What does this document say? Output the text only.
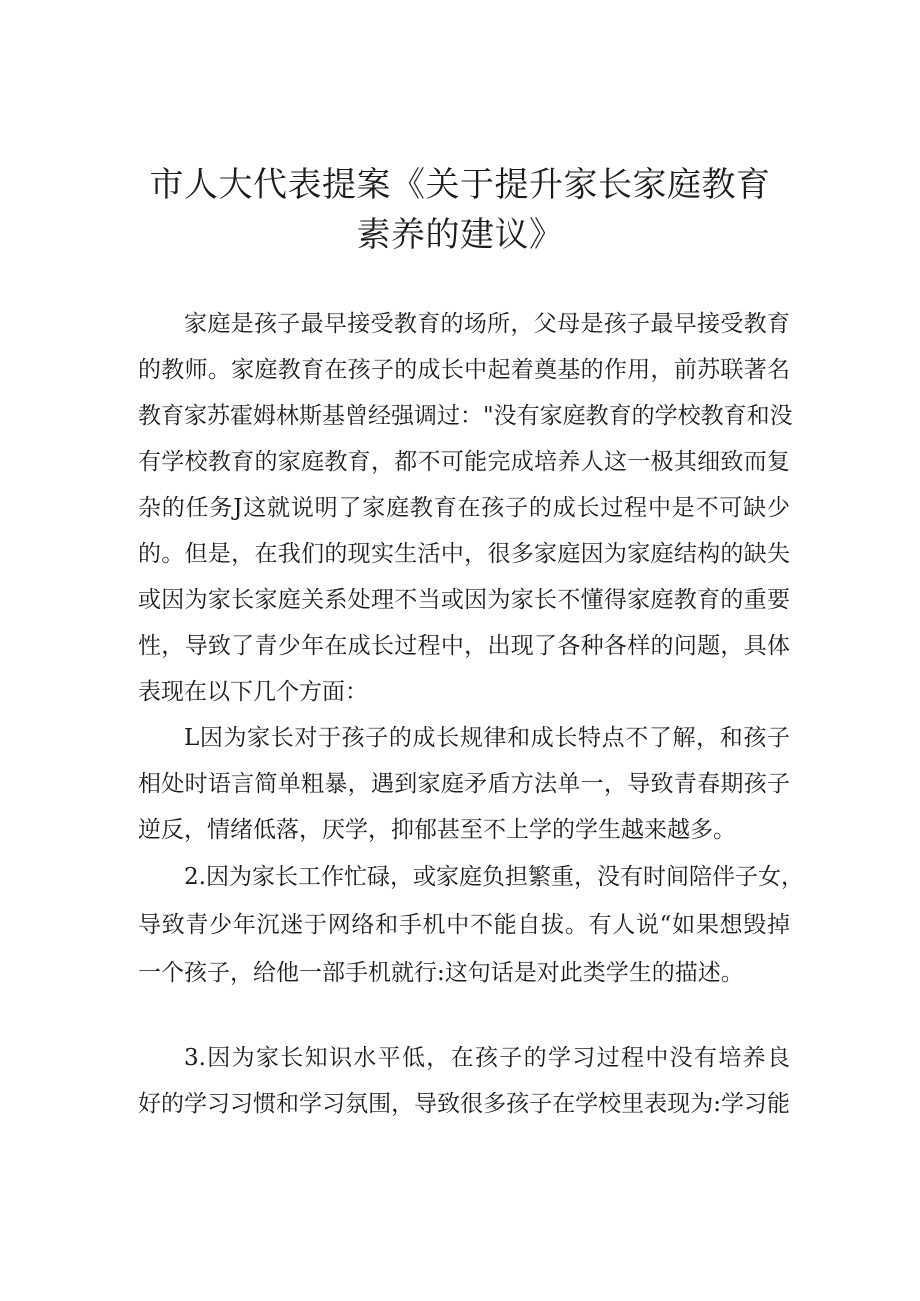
市人大代表提案《关于提升家长家庭教育
素养的建议》

家庭是孩子最早接受教育的场所，父母是孩子最早接受教育

的教师。家庭教育在孩子的成长中起着奠基的作用，前苏联著名

教育家苏霍姆林斯基曾经强调过："没有家庭教育的学校教育和没

有学校教育的家庭教育，都不可能完成培养人这一极其细致而复

杂的任务J这就说明了家庭教育在孩子的成长过程中是不可缺少

的。但是，在我们的现实生活中，很多家庭因为家庭结构的缺失

或因为家长家庭关系处理不当或因为家长不懂得家庭教育的重要

性，导致了青少年在成长过程中，出现了各种各样的问题，具体

表现在以下几个方面：

L因为家长对于孩子的成长规律和成长特点不了解，和孩子

相处时语言简单粗暴，遇到家庭矛盾方法单一，导致青春期孩子

逆反，情绪低落，厌学，抑郁甚至不上学的学生越来越多。

2.因为家长工作忙碌，或家庭负担繁重，没有时间陪伴子女，

导致青少年沉迷于网络和手机中不能自拔。有人说“如果想毁掉

一个孩子，给他一部手机就行:这句话是对此类学生的描述。

3.因为家长知识水平低，在孩子的学习过程中没有培养良

好的学习习惯和学习氛围，导致很多孩子在学校里表现为:学习能
